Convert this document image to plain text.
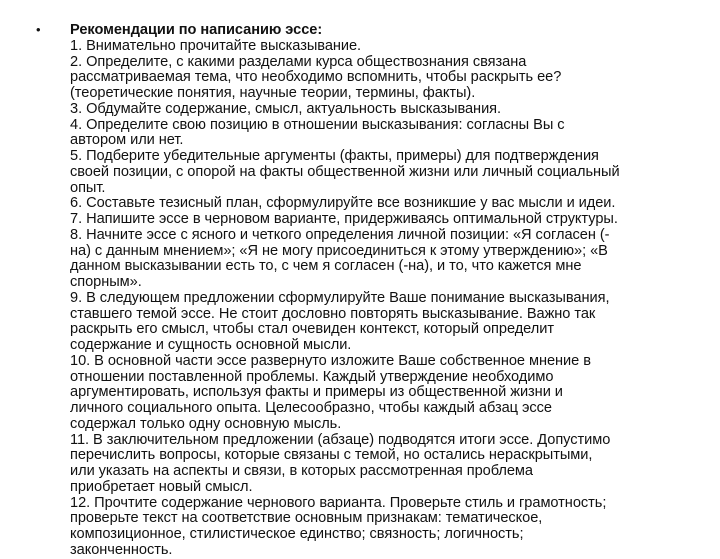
• Рекомендации по написанию эссе:
1. Внимательно прочитайте высказывание.
2. Определите, с какими разделами курса обществознания связана
рассматриваемая тема, что необходимо вспомнить, чтобы раскрыть ее?
(теоретические понятия, научные теории, термины, факты).
3. Обдумайте содержание, смысл, актуальность высказывания.
4. Определите свою позицию в отношении высказывания: согласны Вы с
автором или нет.
5. Подберите убедительные аргументы (факты, примеры) для подтверждения
своей позиции, с опорой на факты общественной жизни или личный социальный
опыт.
6. Составьте тезисный план, сформулируйте все возникшие у вас мысли и идеи.
7. Напишите эссе в черновом варианте, придерживаясь оптимальной структуры.
8. Начните эссе с ясного и четкого определения личной позиции: «Я согласен (-
на) с данным мнением»; «Я не могу присоединиться к этому утверждению»; «В
данном высказывании есть то, с чем я согласен (-на), и то, что кажется мне
спорным».
9. В следующем предложении сформулируйте Ваше понимание высказывания,
ставшего темой эссе. Не стоит дословно повторять высказывание. Важно так
раскрыть его смысл, чтобы стал очевиден контекст, который определит
содержание и сущность основной мысли.
10. В основной части эссе развернуто изложите Ваше собственное мнение в
отношении поставленной проблемы. Каждый утверждение необходимо
аргументировать, используя факты и примеры из общественной жизни и
личного социального опыта. Целесообразно, чтобы каждый абзац эссе
содержал только одну основную мысль.
11. В заключительном предложении (абзаце) подводятся итоги эссе. Допустимо
перечислить вопросы, которые связаны с темой, но остались нераскрытыми,
или указать на аспекты и связи, в которых рассмотренная проблема
приобретает новый смысл.
12. Прочтите содержание чернового варианта. Проверьте стиль и грамотность;
проверьте текст на соответствие основным признакам: тематическое,
композиционное, стилистическое единство; связность; логичность;
законченность.
